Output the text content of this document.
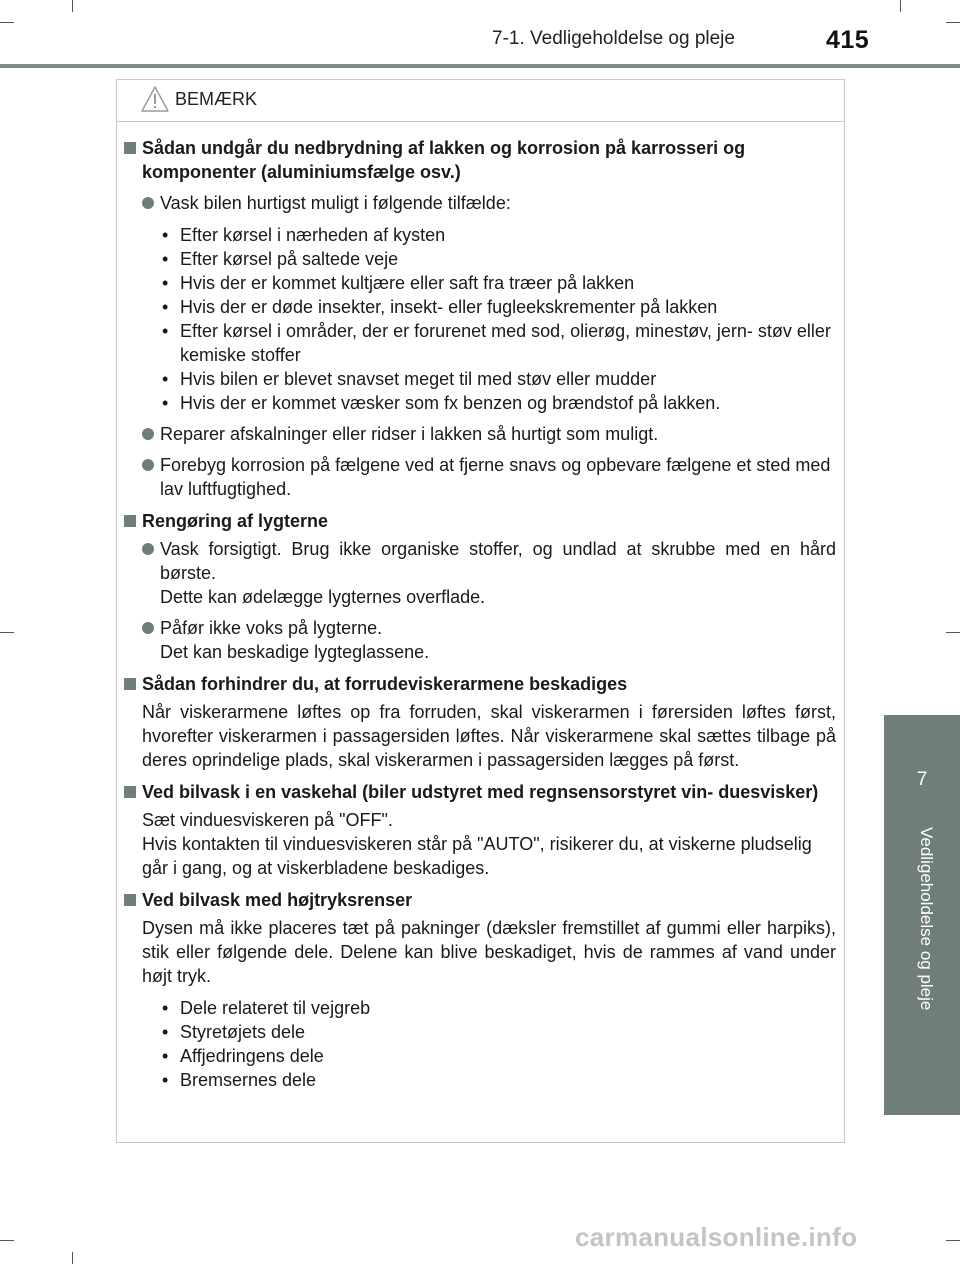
7-1. Vedligeholdelse og pleje	415
7
Vedligeholdelse og pleje
BEMÆRK
Sådan undgår du nedbrydning af lakken og korrosion på karrosseri og komponenter (aluminiumsfælge osv.)
Vask bilen hurtigst muligt i følgende tilfælde:
• Efter kørsel i nærheden af kysten
• Efter kørsel på saltede veje
• Hvis der er kommet kultjære eller saft fra træer på lakken
• Hvis der er døde insekter, insekt- eller fugleekskrementer på lakken
• Efter kørsel i områder, der er forurenet med sod, olierøg, minestøv, jern- støv eller kemiske stoffer
• Hvis bilen er blevet snavset meget til med støv eller mudder
• Hvis der er kommet væsker som fx benzen og brændstof på lakken.
Reparer afskalninger eller ridser i lakken så hurtigt som muligt.
Forebyg korrosion på fælgene ved at fjerne snavs og opbevare fælgene et sted med lav luftfugtighed.
Rengøring af lygterne
Vask forsigtigt. Brug ikke organiske stoffer, og undlad at skrubbe med en hård børste.
Dette kan ødelægge lygternes overflade.
Påfør ikke voks på lygterne.
Det kan beskadige lygteglassene.
Sådan forhindrer du, at forrudeviskerarmene beskadiges
Når viskerarmene løftes op fra forruden, skal viskerarmen i førersiden løftes først, hvorefter viskerarmen i passagersiden løftes. Når viskerarmene skal sættes tilbage på deres oprindelige plads, skal viskerarmen i passagersiden lægges på først.
Ved bilvask i en vaskehal (biler udstyret med regnsensorstyret vin- duesvisker)
Sæt vinduesviskeren på "OFF".
Hvis kontakten til vinduesviskeren står på "AUTO", risikerer du, at viskerne pludselig går i gang, og at viskerbladene beskadiges.
Ved bilvask med højtryksrenser
Dysen må ikke placeres tæt på pakninger (dæksler fremstillet af gummi eller harpiks), stik eller følgende dele. Delene kan blive beskadiget, hvis de rammes af vand under højt tryk.
• Dele relateret til vejgreb
• Styretøjets dele
• Affjedringens dele
• Bremsernes dele
carmanualsonline.info
